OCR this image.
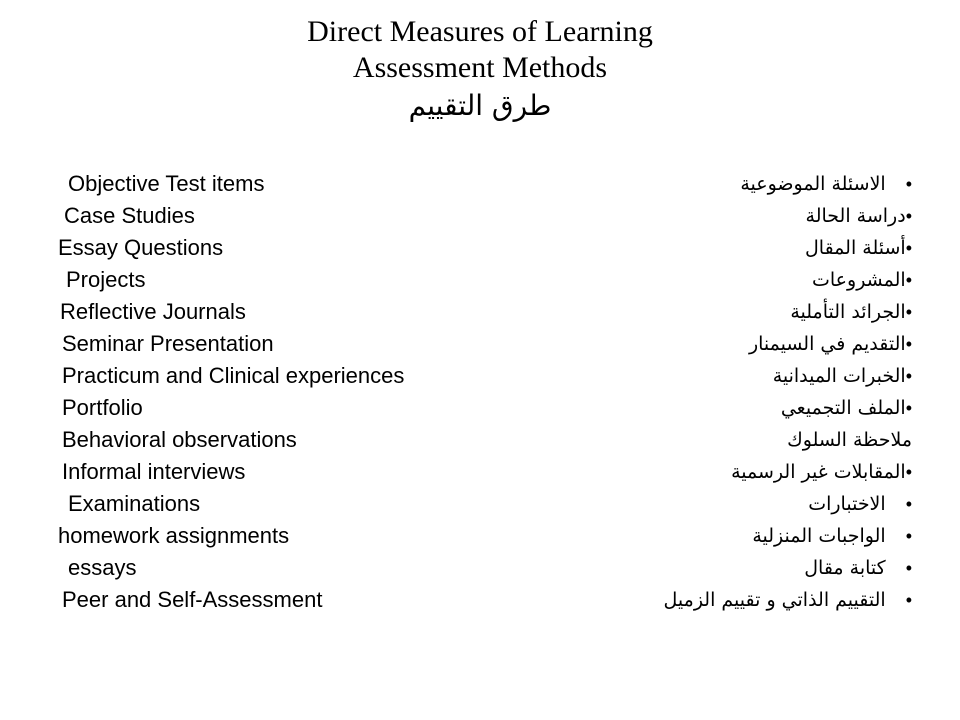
Direct Measures of Learning
Assessment Methods
طرق التقييم
Objective Test items	•الاسئلة الموضوعية
Case Studies	•دراسة الحالة
Essay Questions	•أسئلة المقال
Projects	•المشروعات
Reflective Journals	•الجرائد التأملية
Seminar Presentation	•التقديم في السيمنار
Practicum and Clinical experiences	•الخبرات الميدانية
Portfolio	•الملف التجميعي
Behavioral observations	ملاحظة السلوك
Informal interviews	•المقابلات غير الرسمية
Examinations	•الاختبارات
homework assignments	•الواجبات المنزلية
essays	•كتابة مقال
Peer and Self-Assessment	•التقييم الذاتي و تقييم الزميل
